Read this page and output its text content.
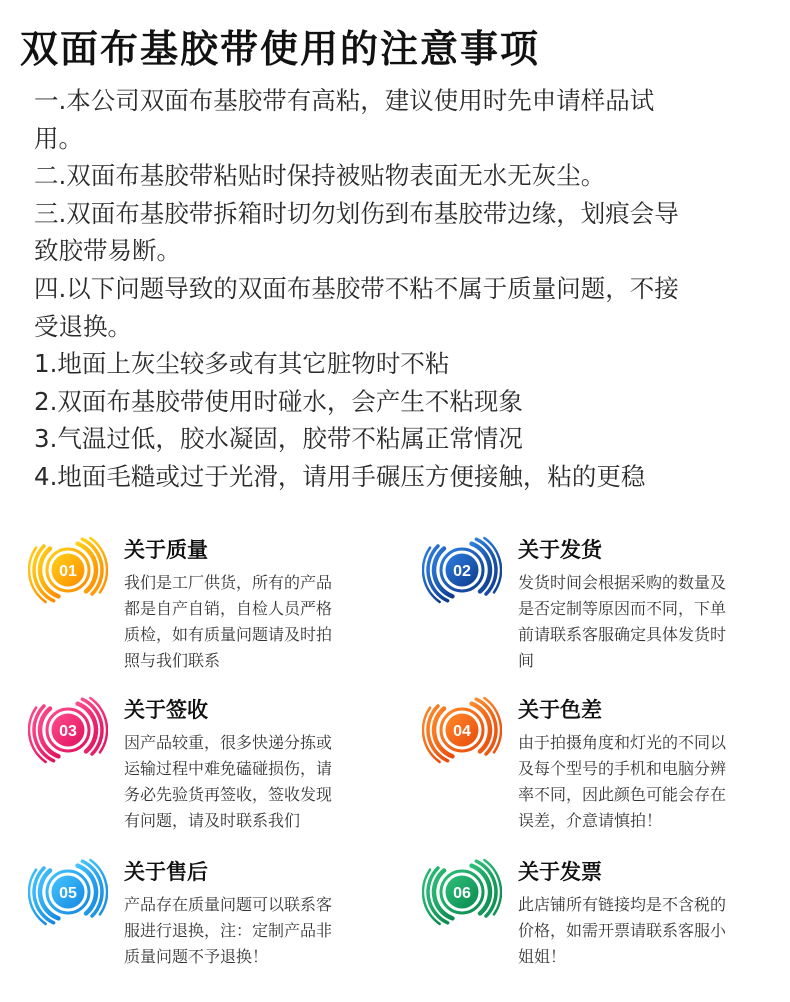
双面布基胶带使用的注意事项
一.本公司双面布基胶带有高粘，建议使用时先申请样品试
用。
二.双面布基胶带粘贴时保持被贴物表面无水无灰尘。
三.双面布基胶带拆箱时切勿划伤到布基胶带边缘，划痕会导
致胶带易断。
四.以下问题导致的双面布基胶带不粘不属于质量问题，不接
受退换。
1.地面上灰尘较多或有其它脏物时不粘
2.双面布基胶带使用时碰水，会产生不粘现象
3.气温过低，胶水凝固，胶带不粘属正常情况
4.地面毛糙或过于光滑，请用手碾压方便接触，粘的更稳
01
关于质量
我们是工厂供货，所有的产品
都是自产自销，自检人员严格
质检，如有质量问题请及时拍
照与我们联系
02
关于发货
发货时间会根据采购的数量及
是否定制等原因而不同，下单
前请联系客服确定具体发货时
间
03
关于签收
因产品较重，很多快递分拣或
运输过程中难免磕碰损伤，请
务必先验货再签收，签收发现
有问题，请及时联系我们
04
关于色差
由于拍摄角度和灯光的不同以
及每个型号的手机和电脑分辨
率不同，因此颜色可能会存在
误差，介意请慎拍！
05
关于售后
产品存在质量问题可以联系客
服进行退换，注：定制产品非
质量问题不予退换！
06
关于发票
此店铺所有链接均是不含税的
价格，如需开票请联系客服小
姐姐！
